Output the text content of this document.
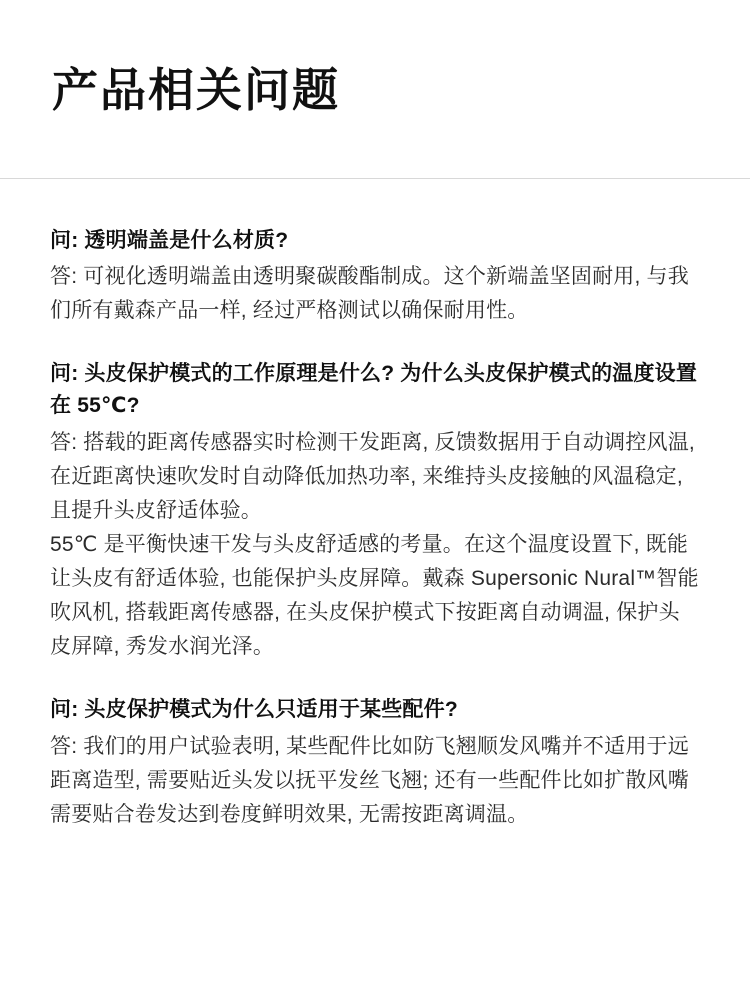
产品相关问题

问: 透明端盖是什么材质?

答: 可视化透明端盖由透明聚碳酸酯制成。这个新端盖坚固耐用, 与我们所有戴森产品一样, 经过严格测试以确保耐用性。

问: 头皮保护模式的工作原理是什么? 为什么头皮保护模式的温度设置在 55℃?

答: 搭载的距离传感器实时检测干发距离, 反馈数据用于自动调控风温, 在近距离快速吹发时自动降低加热功率, 来维持头皮接触的风温稳定, 且提升头皮舒适体验。

55℃ 是平衡快速干发与头皮舒适感的考量。在这个温度设置下, 既能让头皮有舒适体验, 也能保护头皮屏障。戴森 Supersonic Nural™智能吹风机, 搭载距离传感器, 在头皮保护模式下按距离自动调温, 保护头皮屏障, 秀发水润光泽。

问: 头皮保护模式为什么只适用于某些配件?

答: 我们的用户试验表明, 某些配件比如防飞翘顺发风嘴并不适用于远距离造型, 需要贴近头发以抚平发丝飞翘; 还有一些配件比如扩散风嘴需要贴合卷发达到卷度鲜明效果, 无需按距离调温。
